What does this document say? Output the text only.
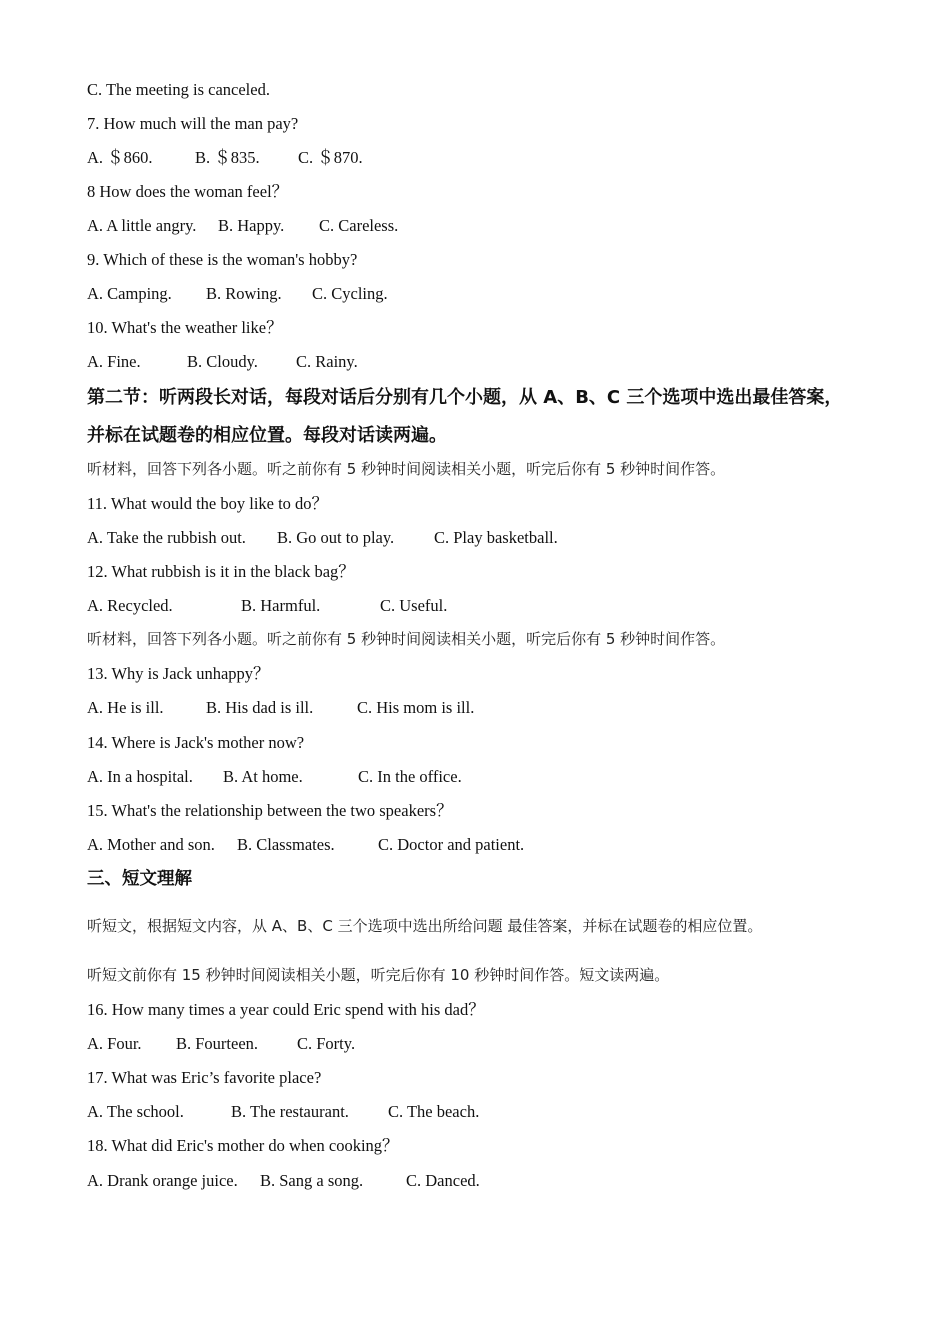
C. The meeting is canceled.
7. How much will the man pay?
A. ＄860.	B. ＄835. C. ＄870.
8 How does the woman feel？
A. A little angry. B. Happy. C. Careless.
9. Which of these is the woman's hobby?
A. Camping. B. Rowing. C. Cycling.
10. What's the weather like？
A. Fine.	B. Cloudy. C. Rainy.
第二节：听两段长对话，每段对话后分别有几个小题，从 A、B、C 三个选项中选出最佳答案，
并标在试题卷的相应位置。每段对话读两遍。
听材料，回答下列各小题。听之前你有 5 秒钟时间阅读相关小题，听完后你有 5 秒钟时间作答。
11. What would the boy like to do？
A. Take the rubbish out. B. Go out to play. C. Play basketball.
12. What rubbish is it in the black bag？
A. Recycled.	B. Harmful.	C. Useful.
听材料，回答下列各小题。听之前你有 5 秒钟时间阅读相关小题，听完后你有 5 秒钟时间作答。
13. Why is Jack unhappy？
A. He is ill.	B. His dad is ill.	C. His mom is ill.
14. Where is Jack's mother now?
A. In a hospital. B. At home.	C. In the office.
15. What's the relationship between the two speakers？
A. Mother and son. B. Classmates.	C. Doctor and patient.
三、短文理解
听短文，根据短文内容，从 A、B、C 三个选项中选出所给问题 最佳答案，并标在试题卷的相应位置。
听短文前你有 15 秒钟时间阅读相关小题，听完后你有 10 秒钟时间作答。短文读两遍。
16. How many times a year could Eric spend with his dad？
A. Four. B. Fourteen. C. Forty.
17. What was Eric’s favorite place?
A. The school.	B. The restaurant. C. The beach.
18. What did Eric's mother do when cooking？
A. Drank orange juice. B. Sang a song.	C. Danced.
